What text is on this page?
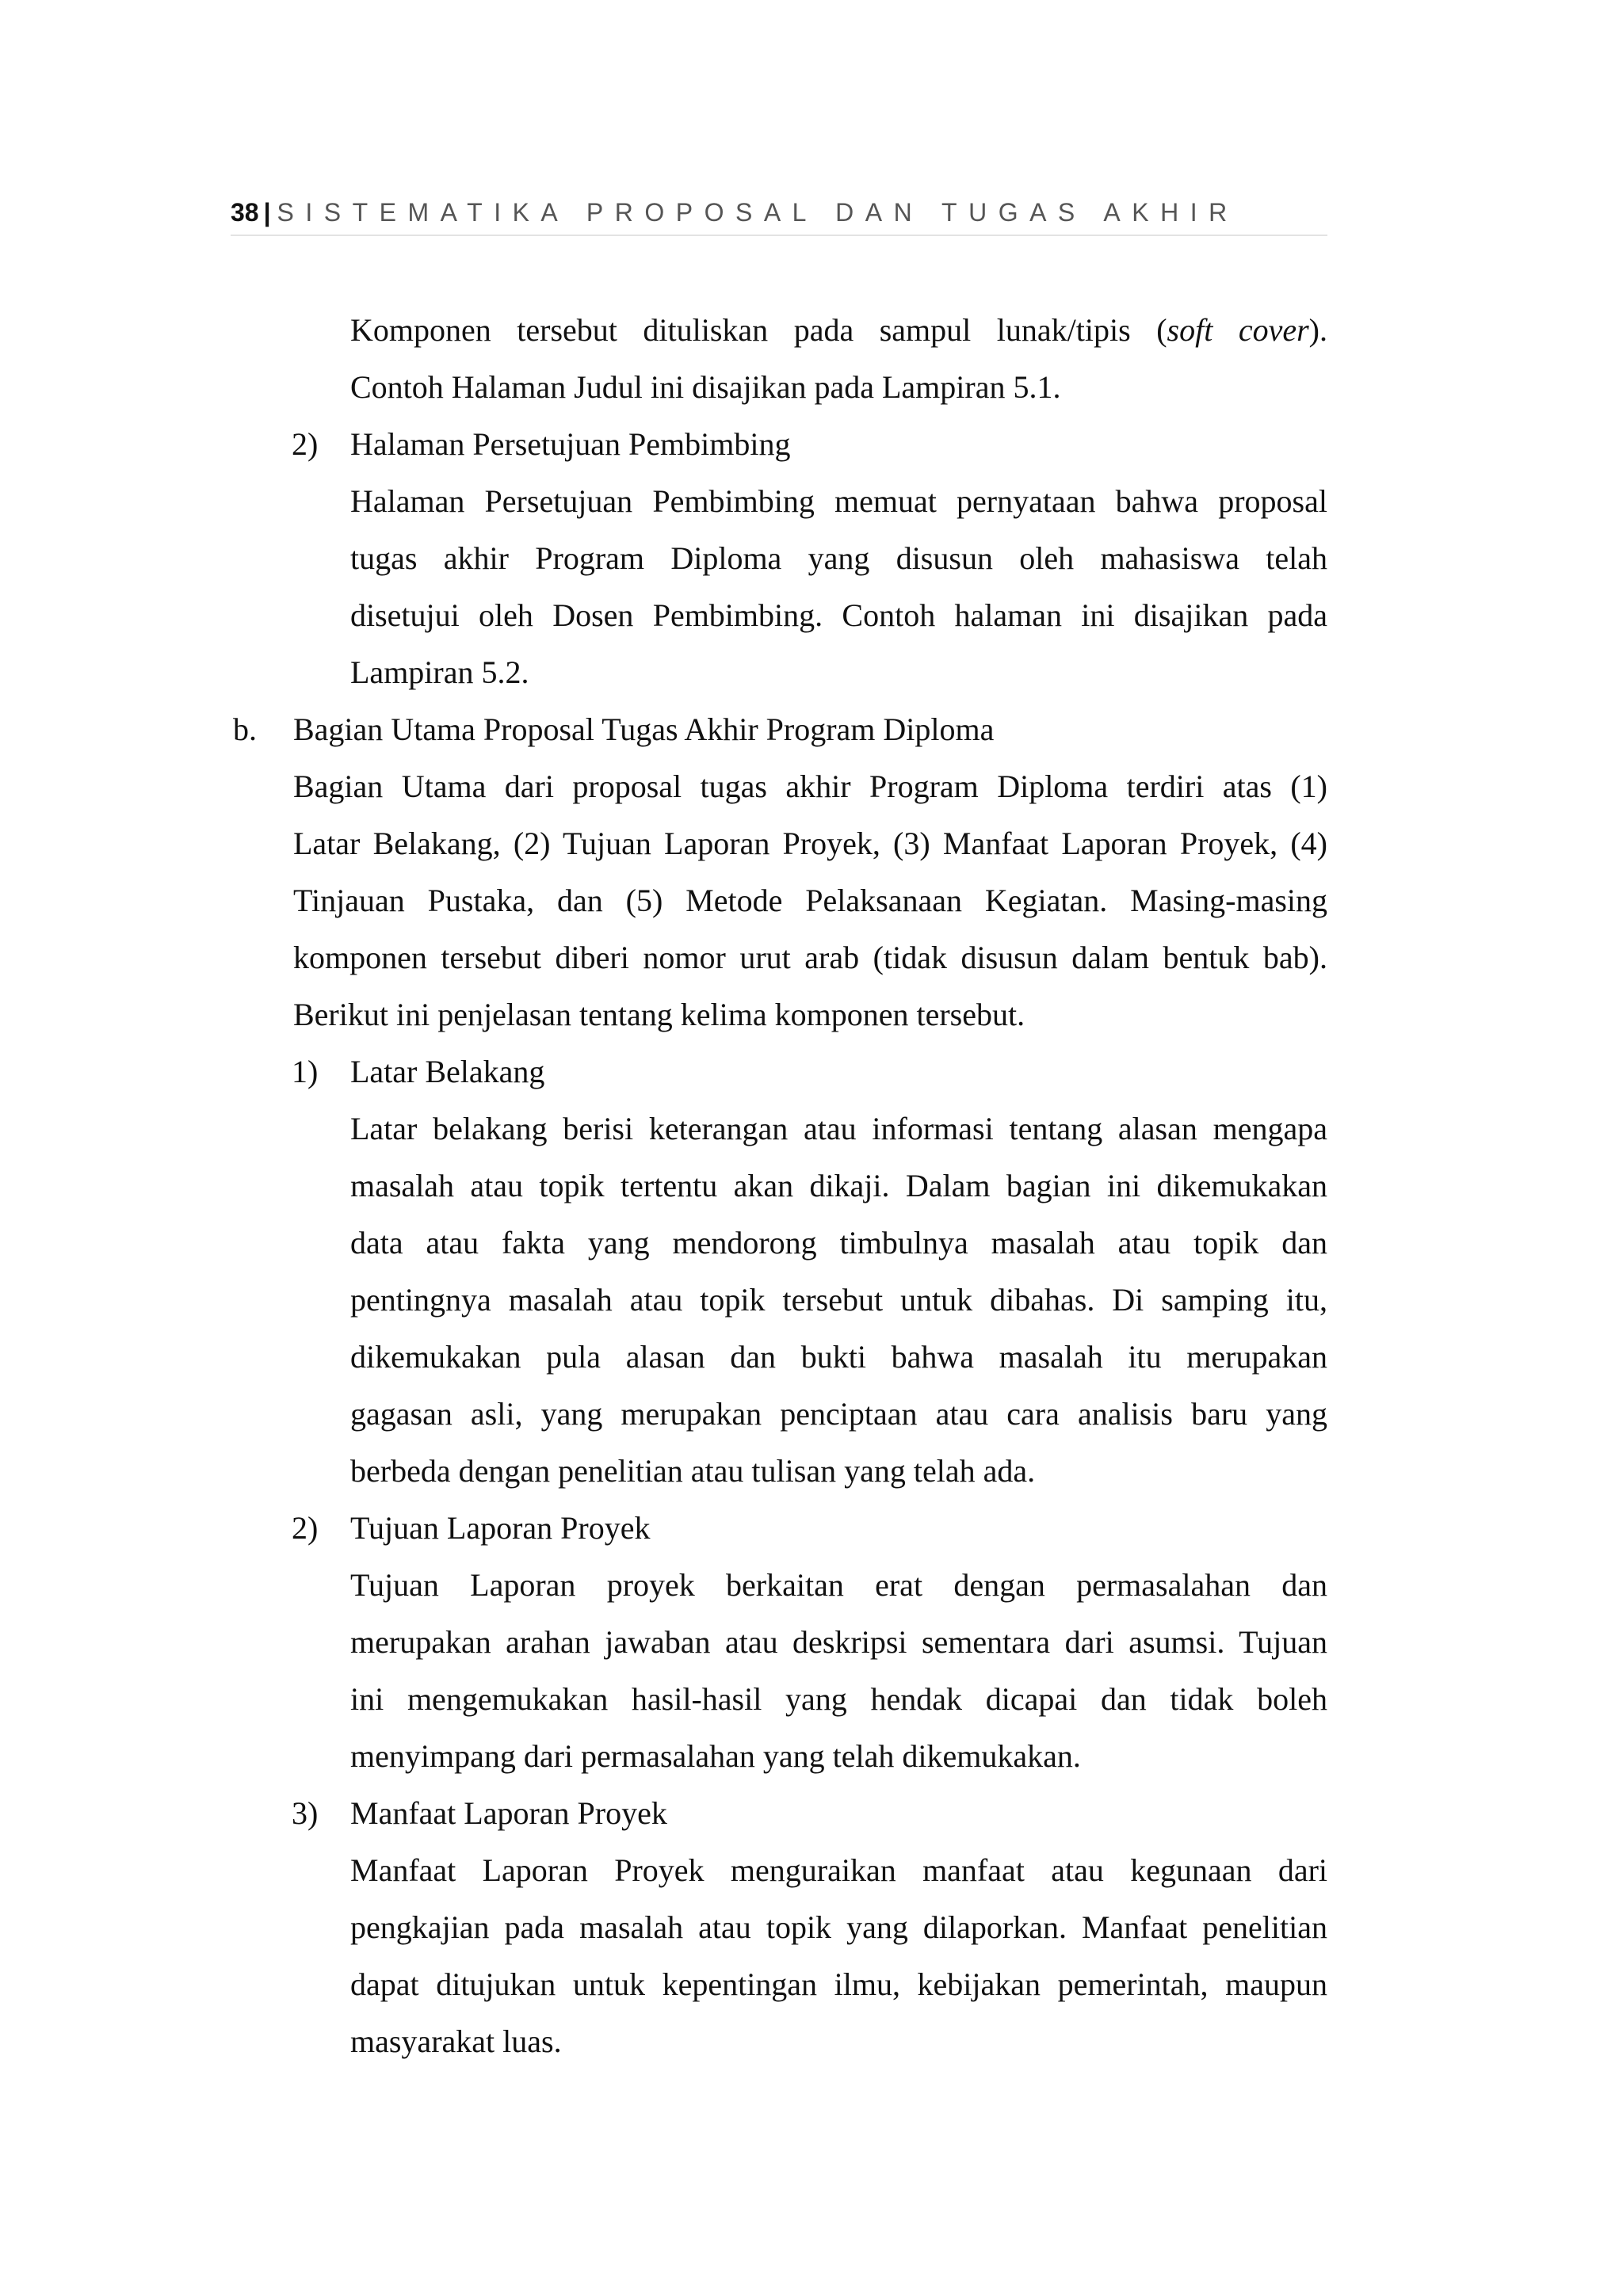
38 | SISTEMATIKA PROPOSAL DAN TUGAS AKHIR
Komponen tersebut dituliskan pada sampul lunak/tipis (soft cover).
Contoh Halaman Judul ini disajikan pada Lampiran 5.1.
2) Halaman Persetujuan Pembimbing
Halaman Persetujuan Pembimbing memuat pernyataan bahwa proposal
tugas akhir Program Diploma yang disusun oleh mahasiswa telah
disetujui oleh Dosen Pembimbing. Contoh halaman ini disajikan pada
Lampiran 5.2.
b. Bagian Utama Proposal Tugas Akhir Program Diploma
Bagian Utama dari proposal tugas akhir Program Diploma terdiri atas (1)
Latar Belakang, (2) Tujuan Laporan Proyek, (3) Manfaat Laporan Proyek, (4)
Tinjauan Pustaka, dan (5) Metode Pelaksanaan Kegiatan. Masing-masing
komponen tersebut diberi nomor urut arab (tidak disusun dalam bentuk bab).
Berikut ini penjelasan tentang kelima komponen tersebut.
1) Latar Belakang
Latar belakang berisi keterangan atau informasi tentang alasan mengapa
masalah atau topik tertentu akan dikaji. Dalam bagian ini dikemukakan
data atau fakta yang mendorong timbulnya masalah atau topik dan
pentingnya masalah atau topik tersebut untuk dibahas. Di samping itu,
dikemukakan pula alasan dan bukti bahwa masalah itu merupakan
gagasan asli, yang merupakan penciptaan atau cara analisis baru yang
berbeda dengan penelitian atau tulisan yang telah ada.
2) Tujuan Laporan Proyek
Tujuan Laporan proyek berkaitan erat dengan permasalahan dan
merupakan arahan jawaban atau deskripsi sementara dari asumsi. Tujuan
ini mengemukakan hasil-hasil yang hendak dicapai dan tidak boleh
menyimpang dari permasalahan yang telah dikemukakan.
3) Manfaat Laporan Proyek
Manfaat Laporan Proyek menguraikan manfaat atau kegunaan dari
pengkajian pada masalah atau topik yang dilaporkan. Manfaat penelitian
dapat ditujukan untuk kepentingan ilmu, kebijakan pemerintah, maupun
masyarakat luas.
